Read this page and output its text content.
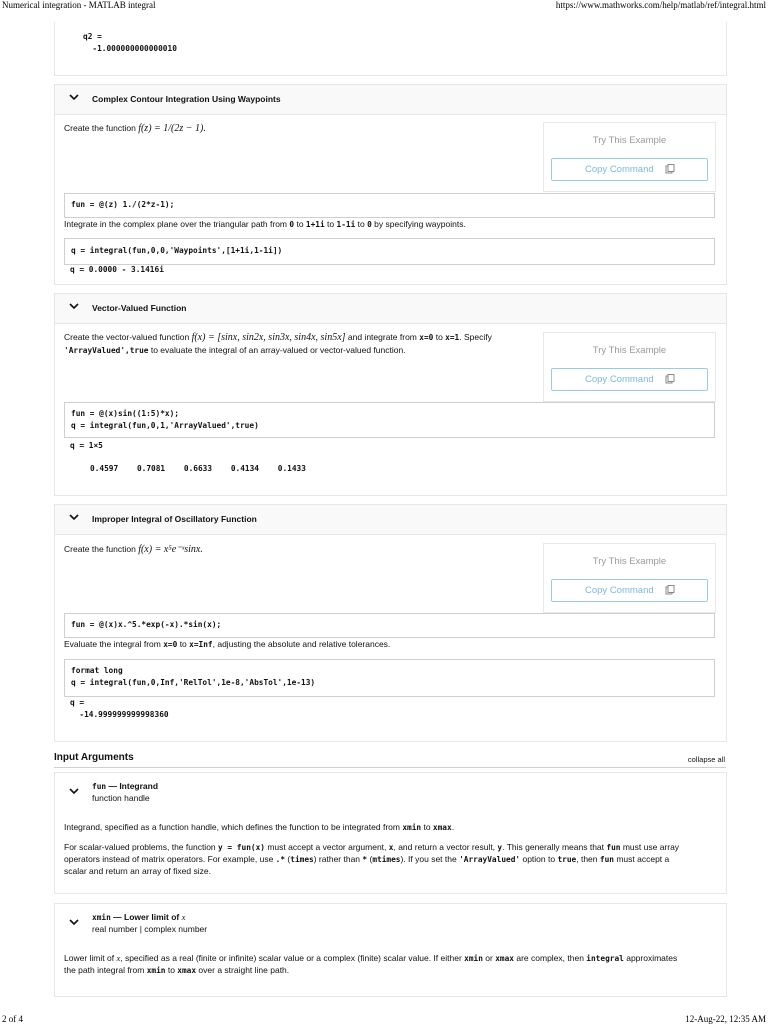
Numerical integration - MATLAB integral	https://www.mathworks.com/help/matlab/ref/integral.html
q2 =
-1.000000000000010
Complex Contour Integration Using Waypoints
Create the function f(z) = 1/(2z − 1).
Try This Example
Copy Command
fun = @(z) 1./(2*z-1);
Integrate in the complex plane over the triangular path from 0 to 1+1i to 1-1i to 0 by specifying waypoints.
q = integral(fun,0,0,'Waypoints',[1+1i,1-1i])
q = 0.0000 - 3.1416i
Vector-Valued Function
Create the vector-valued function f(x) = [sinx, sin2x, sin3x, sin4x, sin5x] and integrate from x=0 to x=1. Specify
'ArrayValued',true to evaluate the integral of an array-valued or vector-valued function.	Try This Example
Copy Command
fun = @(x)sin((1:5)*x);
q = integral(fun,0,1,'ArrayValued',true)
q = 1×5
0.4597    0.7081    0.6633    0.4134    0.1433
Improper Integral of Oscillatory Function
Create the function f(x) = x⁵e⁻ˣsinx.
Try This Example
Copy Command
fun = @(x)x.^5.*exp(-x).*sin(x);
Evaluate the integral from x=0 to x=Inf, adjusting the absolute and relative tolerances.
format long
q = integral(fun,0,Inf,'RelTol',1e-8,'AbsTol',1e-13)
q =
-14.999999999998360
Input Arguments	collapse all
fun — Integrand
function handle
Integrand, specified as a function handle, which defines the function to be integrated from xmin to xmax.
For scalar-valued problems, the function y = fun(x) must accept a vector argument, x, and return a vector result, y. This generally means that fun must use array
operators instead of matrix operators. For example, use .* (times) rather than * (mtimes). If you set the 'ArrayValued' option to true, then fun must accept a
scalar and return an array of fixed size.
xmin — Lower limit of x
real number | complex number
Lower limit of x, specified as a real (finite or infinite) scalar value or a complex (finite) scalar value. If either xmin or xmax are complex, then integral approximates
the path integral from xmin to xmax over a straight line path.
2 of 4	12-Aug-22, 12:35 AM
